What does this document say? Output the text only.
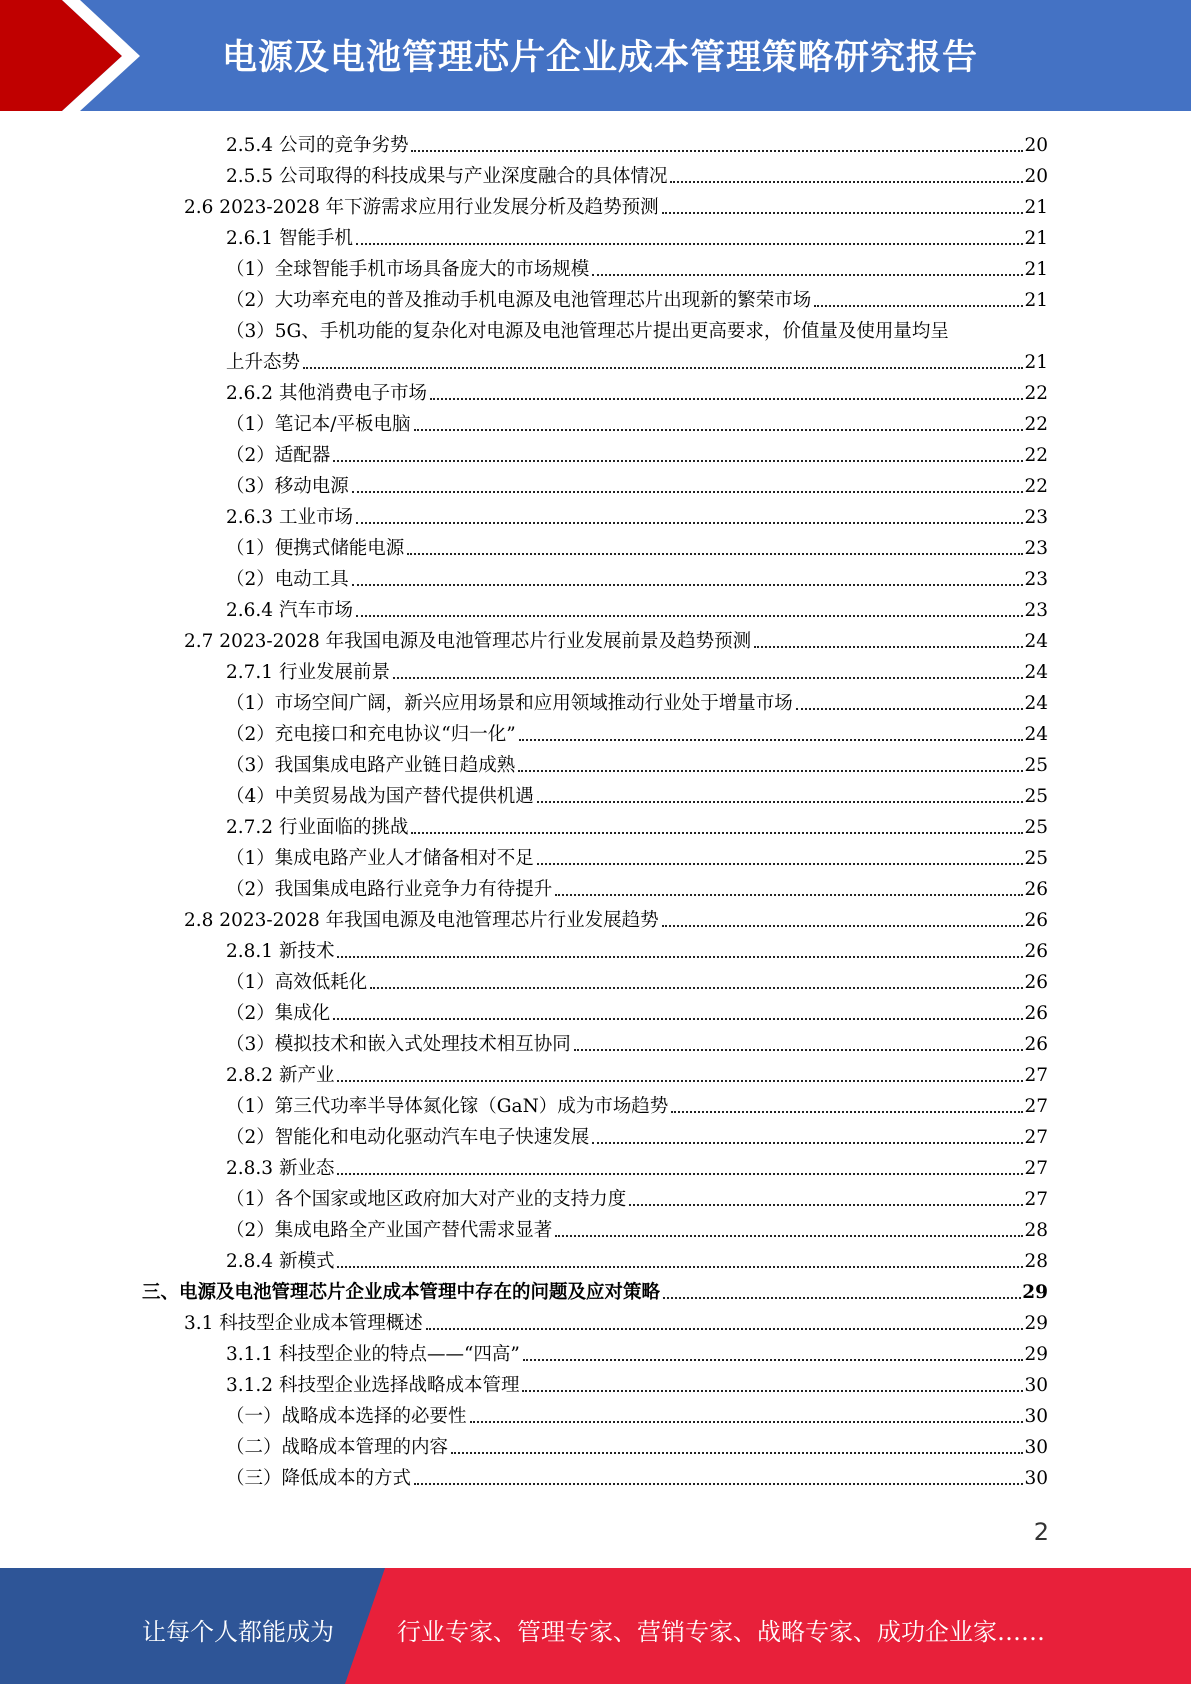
电源及电池管理芯片企业成本管理策略研究报告
2.5.4 公司的竞争劣势	20
2.5.5 公司取得的科技成果与产业深度融合的具体情况	20
2.6 2023-2028 年下游需求应用行业发展分析及趋势预测	21
2.6.1 智能手机	21
（1）全球智能手机市场具备庞大的市场规模	21
（2）大功率充电的普及推动手机电源及电池管理芯片出现新的繁荣市场	21
（3）5G、手机功能的复杂化对电源及电池管理芯片提出更高要求，价值量及使用量均呈
上升态势	21
2.6.2 其他消费电子市场	22
（1）笔记本/平板电脑	22
（2）适配器	22
（3）移动电源	22
2.6.3 工业市场	23
（1）便携式储能电源	23
（2）电动工具	23
2.6.4 汽车市场	23
2.7 2023-2028 年我国电源及电池管理芯片行业发展前景及趋势预测	24
2.7.1 行业发展前景	24
（1）市场空间广阔，新兴应用场景和应用领域推动行业处于增量市场	24
（2）充电接口和充电协议“归一化”	24
（3）我国集成电路产业链日趋成熟	25
（4）中美贸易战为国产替代提供机遇	25
2.7.2 行业面临的挑战	25
（1）集成电路产业人才储备相对不足	25
（2）我国集成电路行业竞争力有待提升	26
2.8 2023-2028 年我国电源及电池管理芯片行业发展趋势	26
2.8.1 新技术	26
（1）高效低耗化	26
（2）集成化	26
（3）模拟技术和嵌入式处理技术相互协同	26
2.8.2 新产业	27
（1）第三代功率半导体氮化镓（GaN）成为市场趋势	27
（2）智能化和电动化驱动汽车电子快速发展	27
2.8.3 新业态	27
（1）各个国家或地区政府加大对产业的支持力度	27
（2）集成电路全产业国产替代需求显著	28
2.8.4 新模式	28
三、电源及电池管理芯片企业成本管理中存在的问题及应对策略	29
3.1 科技型企业成本管理概述	29
3.1.1 科技型企业的特点——“四高”	29
3.1.2 科技型企业选择战略成本管理	30
（一）战略成本选择的必要性	30
（二）战略成本管理的内容	30
（三）降低成本的方式	30
2
让每个人都能成为	行业专家、管理专家、营销专家、战略专家、成功企业家……
